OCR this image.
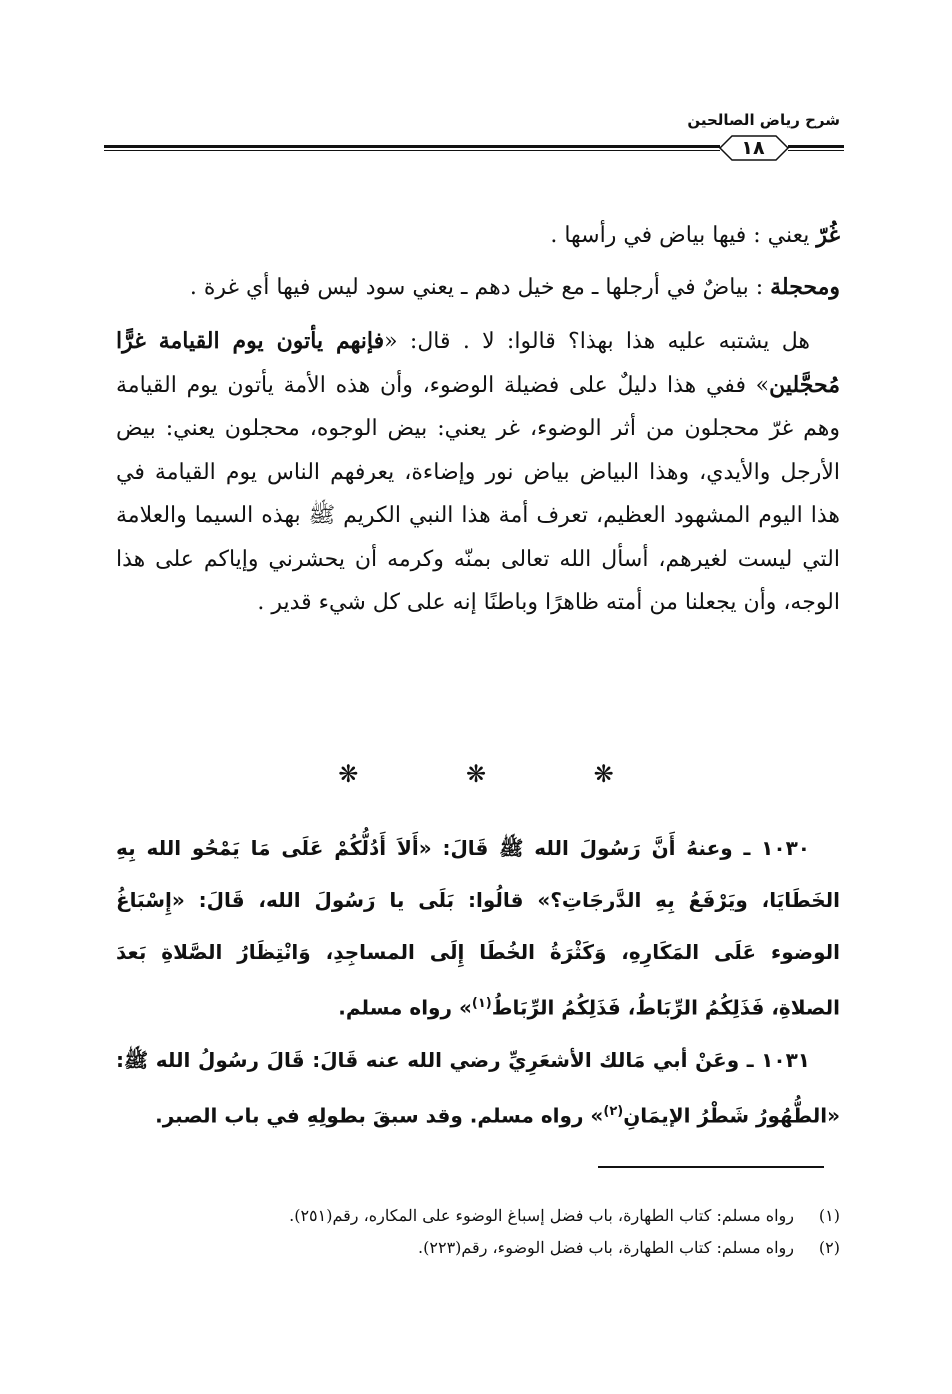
شرح رياض الصالحين
١٨
غُرّ يعني : فيها بياض في رأسها .
ومحجلة : بياضٌ في أرجلها ـ مع خيل دهم ـ يعني سود ليس فيها أي غرة .

هل يشتبه عليه هذا بهذا؟ قالوا: لا . قال: «فإنهم يأتون يوم القيامة غرًّا مُحجَّلين» ففي هذا دليلٌ على فضيلة الوضوء، وأن هذه الأمة يأتون يوم القيامة وهم غرّ محجلون من أثر الوضوء، غر يعني: بيض الوجوه، محجلون يعني: بيض الأرجل والأيدي، وهذا البياض بياض نور وإضاءة، يعرفهم الناس يوم القيامة في هذا اليوم المشهود العظيم، تعرف أمة هذا النبي الكريم ﷺ بهذه السيما والعلامة التي ليست لغيرهم، أسأل الله تعالى بمنّه وكرمه أن يحشرني وإياكم على هذا الوجه، وأن يجعلنا من أمته ظاهرًا وباطنًا إنه على كل شيء قدير .

❋ ❋ ❋

١٠٣٠ ـ وعنهُ أَنَّ رَسُولَ الله ﷺ قَالَ: «أَلاَ أَدُلُّكُمْ عَلَى مَا يَمْحُو الله بِهِ الخَطَايَا، ويَرْفَعُ بِهِ الدَّرجَاتِ؟» قالُوا: بَلَى يا رَسُولَ الله، قَالَ: «إِسْبَاغُ الوضوء عَلَى المَكَارِهِ، وَكَثْرَةُ الخُطَا إِلَى المساجِدِ، وَانْتِظَارُ الصَّلاةِ بَعدَ الصلاةِ، فَذَلِكُمُ الرِّبَاطُ، فَذَلِكُمُ الرِّبَاطُ$^{(١)}$» رواه مسلم.

١٠٣١ ـ وعَنْ أبي مَالك الأشعَرِيِّ رضي الله عنه قَالَ: قَالَ رسُولُ الله ﷺ: «الطُّهُورُ شَطْرُ الإيمَانِ$^{(٢)}$» رواه مسلم. وقد سبقَ بطولِهِ في باب الصبر.

(١)رواه مسلم: كتاب الطهارة، باب فضل إسباغ الوضوء على المكاره، رقم(٢٥١).
(٢)رواه مسلم: كتاب الطهارة، باب فضل الوضوء، رقم(٢٢٣).
